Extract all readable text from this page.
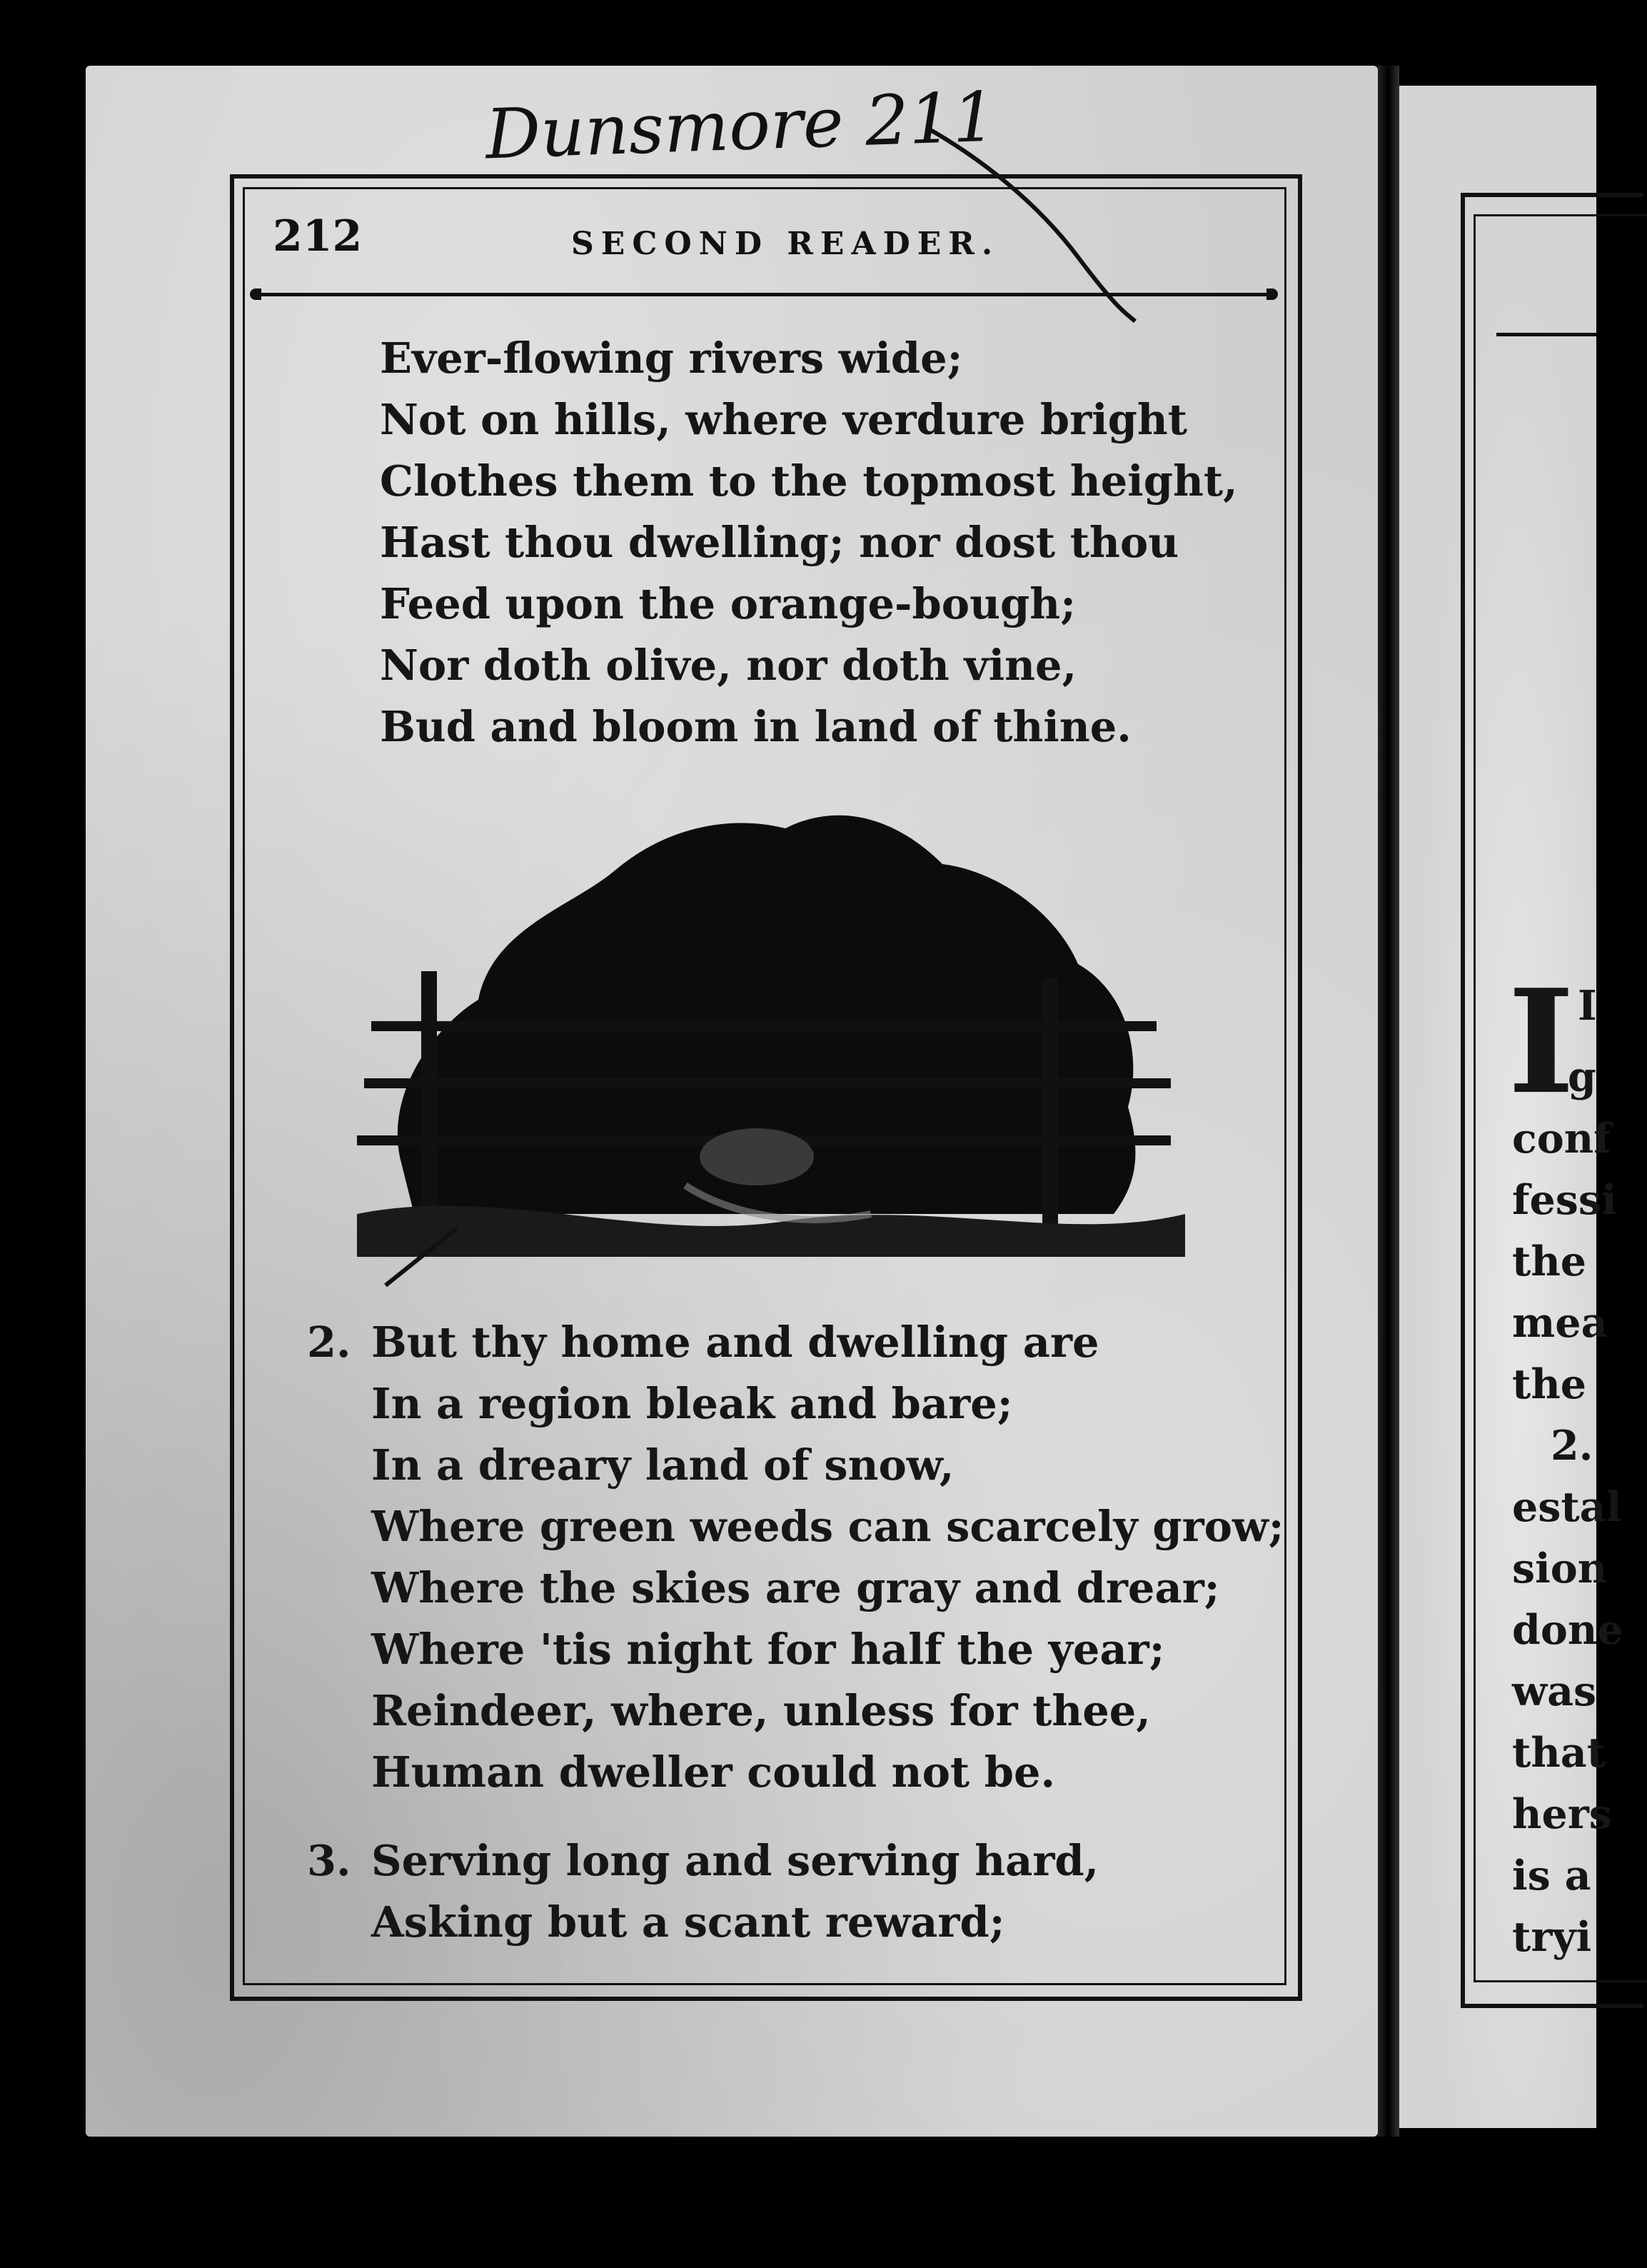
Dunsmore 211
212	SECOND READER.
Ever-flowing rivers wide;
Not on hills, where verdure bright
Clothes them to the topmost height,
Hast thou dwelling; nor dost thou
Feed upon the orange-bough;
Nor doth olive, nor doth vine,
Bud and bloom in land of thine.
2. But thy home and dwelling are
In a region bleak and bare;
In a dreary land of snow,
Where green weeds can scarcely grow;
Where the skies are gray and drear;
Where 'tis night for half the year;
Reindeer, where, unless for thee,
Human dweller could not be.
3. Serving long and serving hard,
Asking but a scant reward;
I I
g
conf
fessi
the
mea
the
2.
estal
sion
done
was
that
hers
is a
tryi
